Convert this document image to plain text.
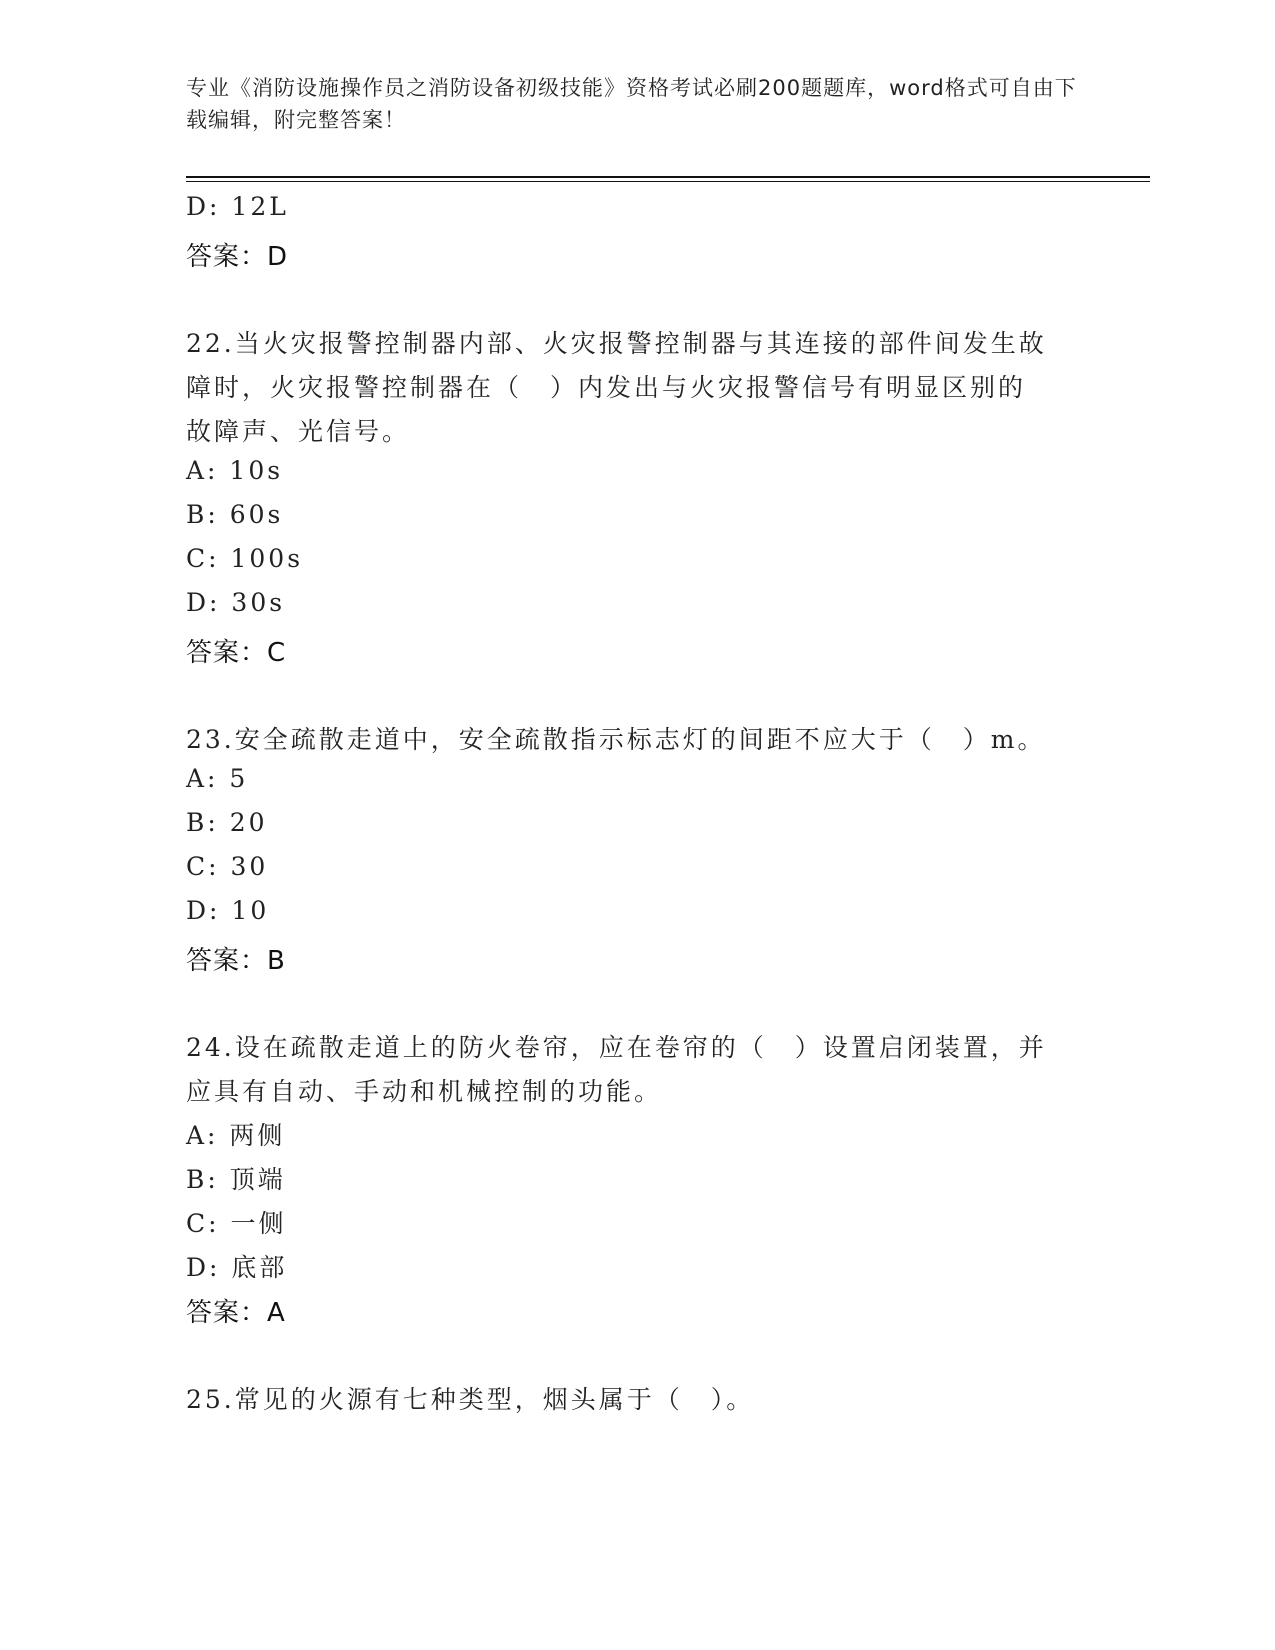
专业《消防设施操作员之消防设备初级技能》资格考试必刷200题题库，word格式可自由下载编辑，附完整答案！
D: 12L
答案：D
22.当火灾报警控制器内部、火灾报警控制器与其连接的部件间发生故
障时，火灾报警控制器在（　）内发出与火灾报警信号有明显区别的
故障声、光信号。
A: 10s
B: 60s
C: 100s
D: 30s
答案：C
23.安全疏散走道中，安全疏散指示标志灯的间距不应大于（　）m。
A: 5
B: 20
C: 30
D: 10
答案：B
24.设在疏散走道上的防火卷帘，应在卷帘的（　）设置启闭装置，并
应具有自动、手动和机械控制的功能。
A: 两侧
B: 顶端
C: 一侧
D: 底部
答案：A
25.常见的火源有七种类型，烟头属于（　）。
